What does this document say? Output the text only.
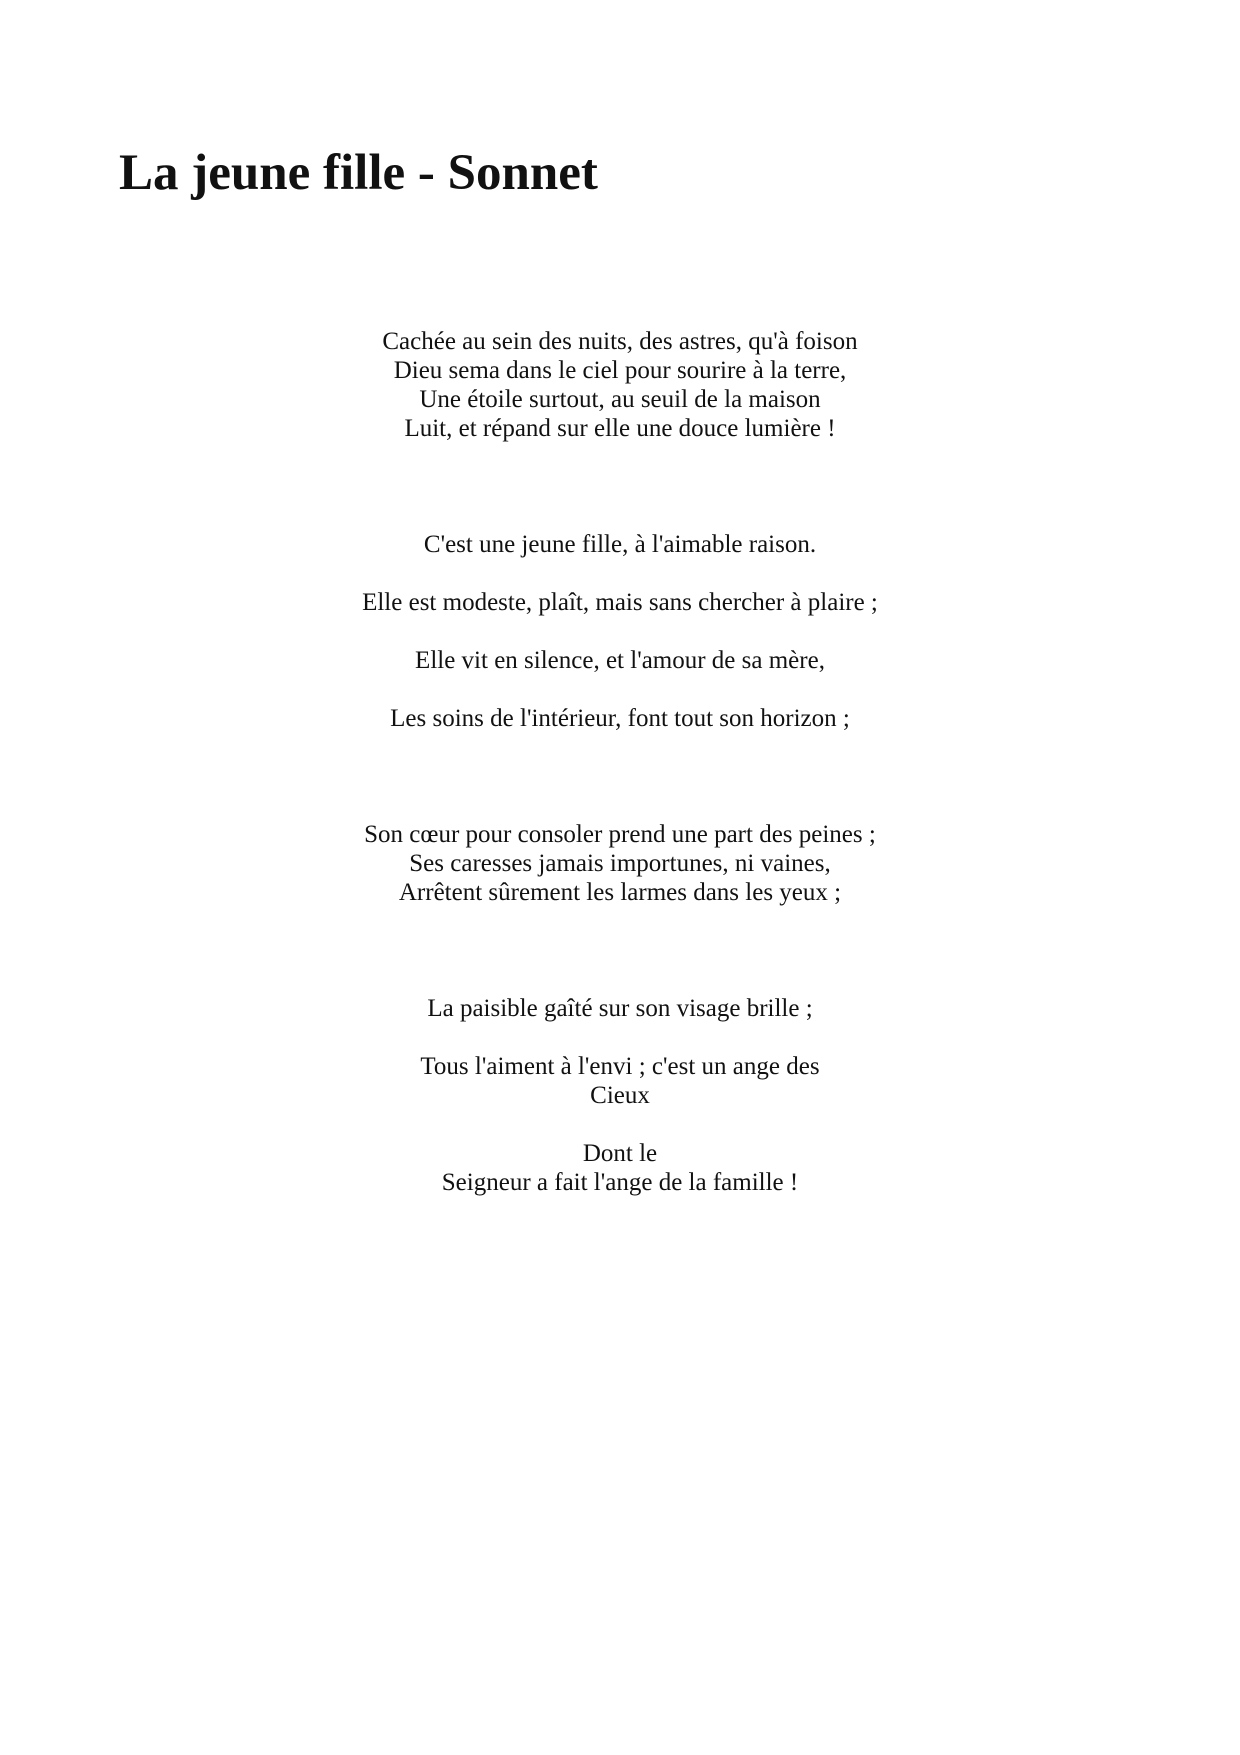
La jeune fille - Sonnet
Cachée au sein des nuits, des astres, qu'à foison
Dieu sema dans le ciel pour sourire à la terre,
Une étoile surtout, au seuil de la maison
Luit, et répand sur elle une douce lumière !
C'est une jeune fille, à l'aimable raison.
Elle est modeste, plaît, mais sans chercher à plaire ;
Elle vit en silence, et l'amour de sa mère,
Les soins de l'intérieur, font tout son horizon ;
Son cœur pour consoler prend une part des peines ;
Ses caresses jamais importunes, ni vaines,
Arrêtent sûrement les larmes dans les yeux ;
La paisible gaîté sur son visage brille ;
Tous l'aiment à l'envi ; c'est un ange des
Cieux
Dont le
Seigneur a fait l'ange de la famille !
